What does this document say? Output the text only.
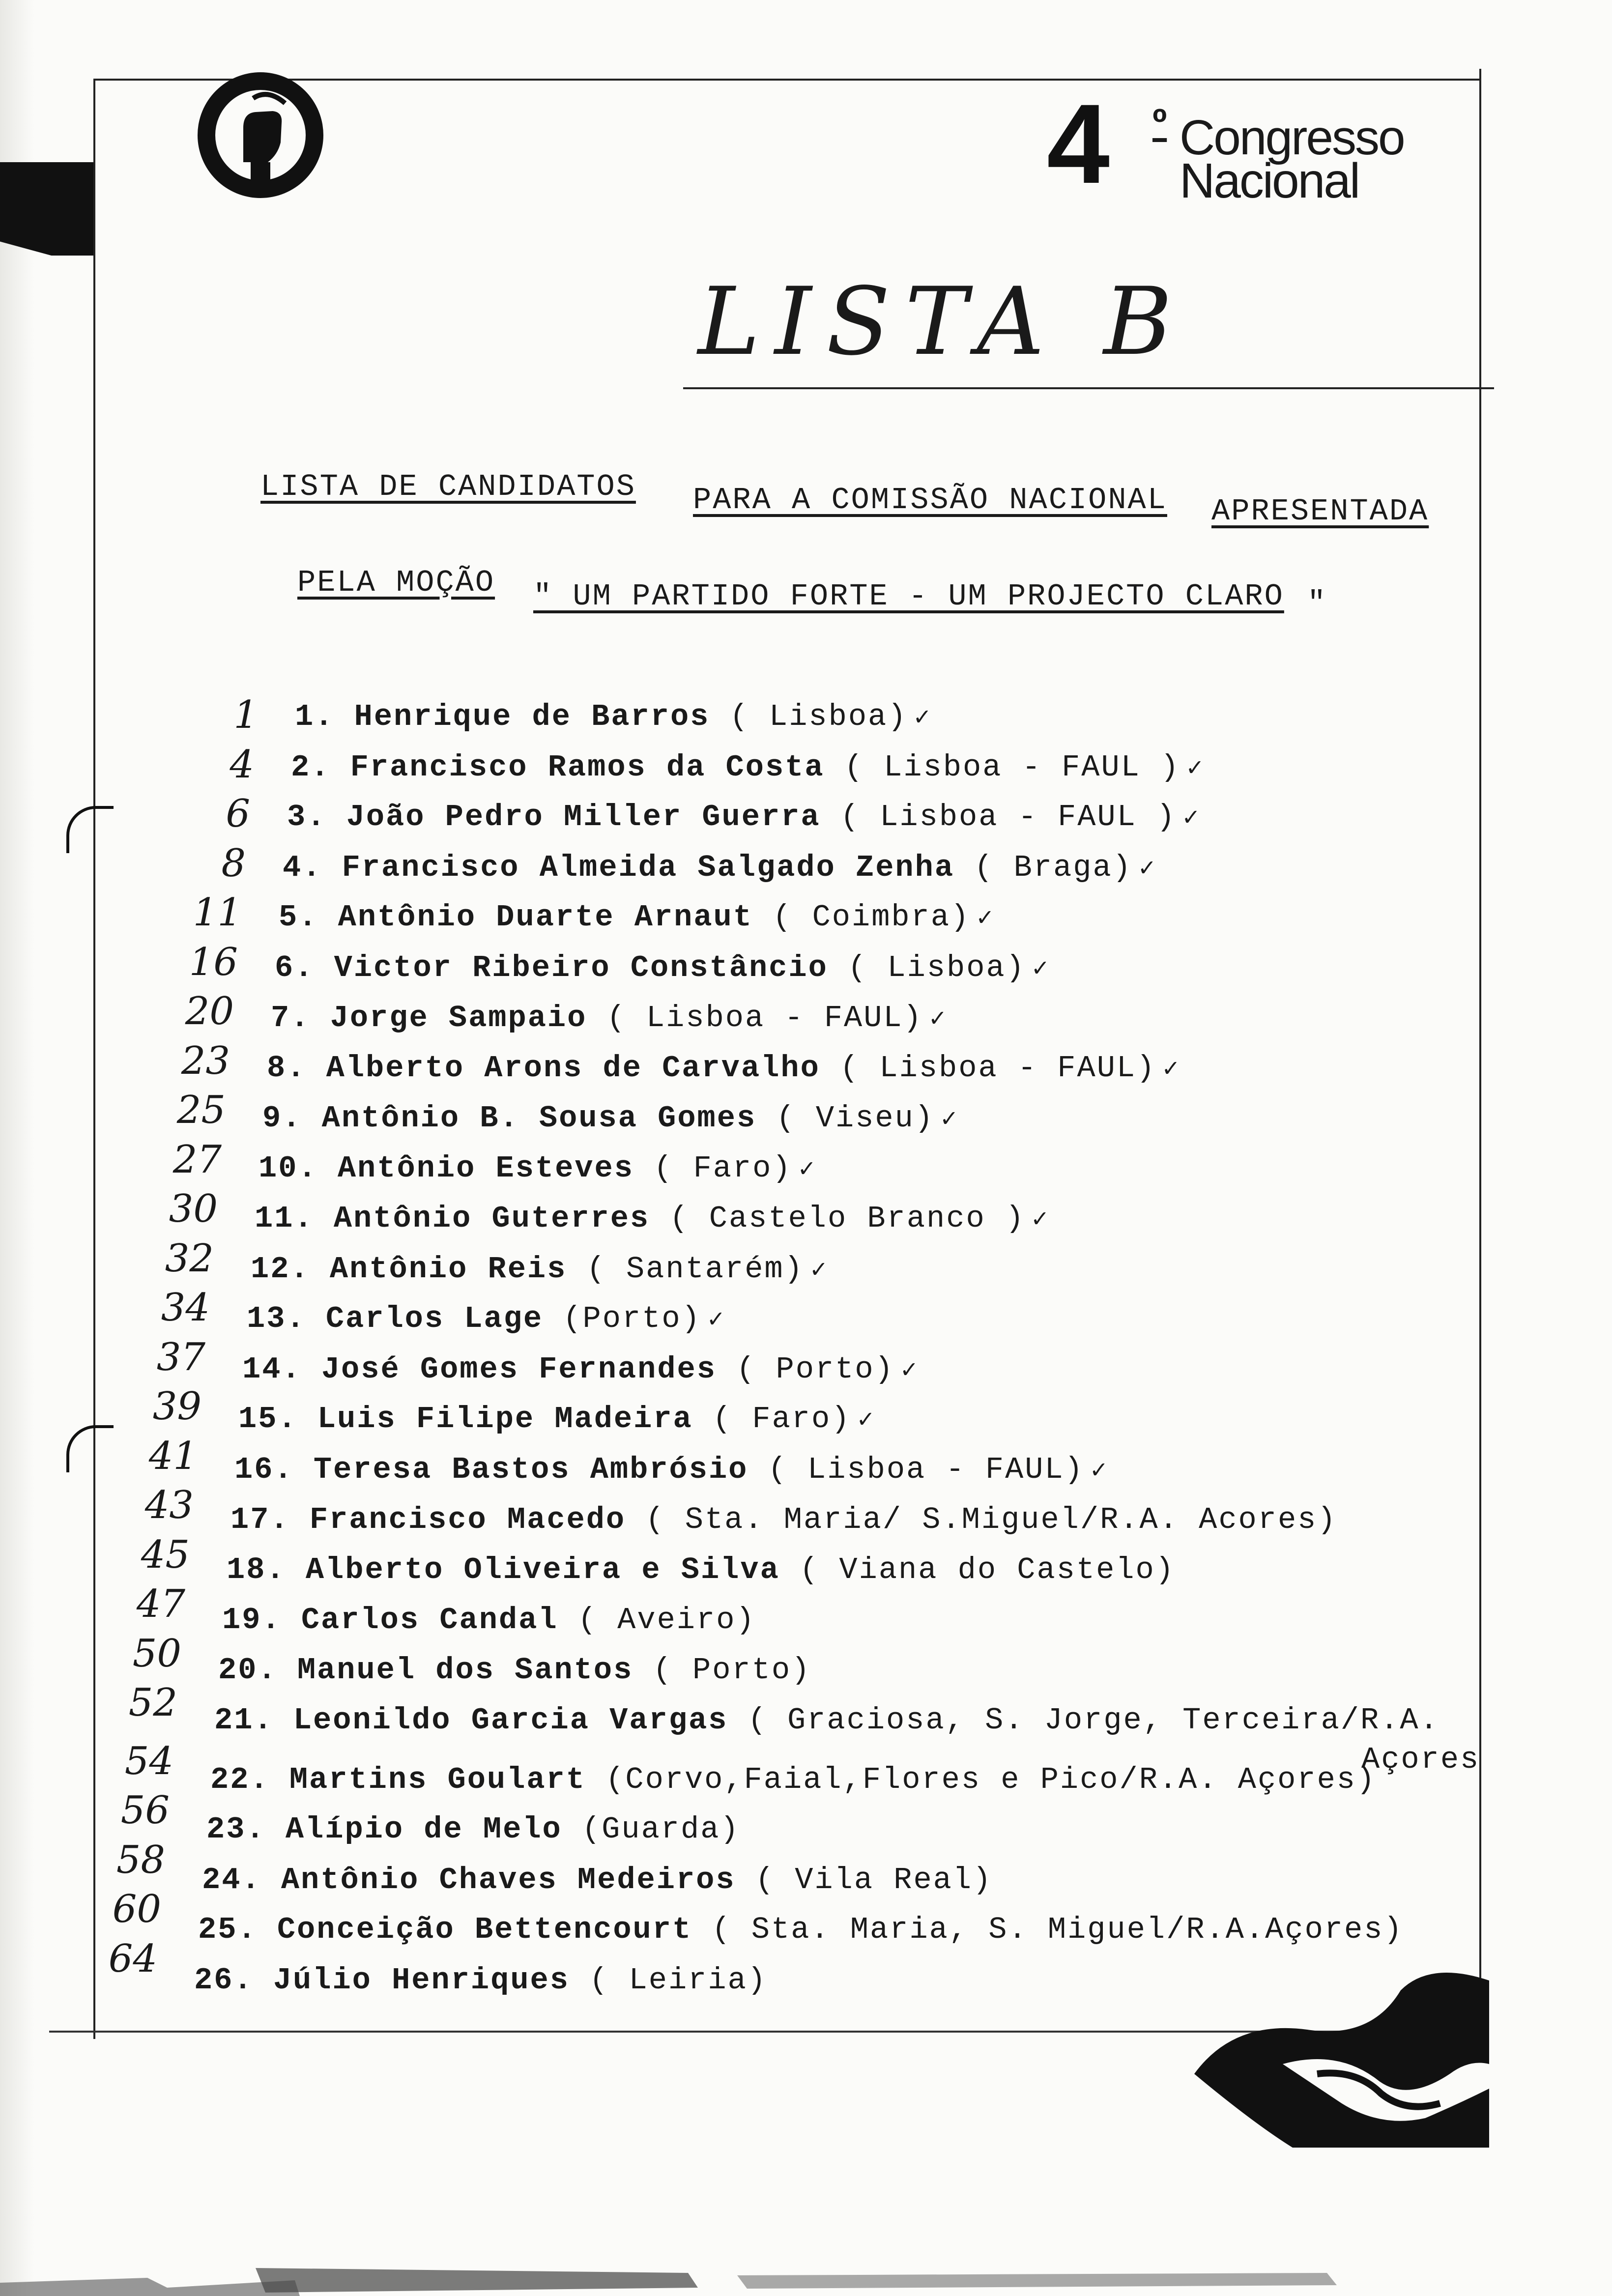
4 º Congresso
Nacional
LISTA B
LISTA DE CANDIDATOS PARA A COMISSÃO NACIONAL APRESENTADA
PELA MOÇÃO " UM PARTIDO FORTE - UM PROJECTO CLARO "
1 1. Henrique de Barros ( Lisboa) ✓
4 2. Francisco Ramos da Costa ( Lisboa - FAUL ) ✓
6 3. João Pedro Miller Guerra ( Lisboa - FAUL ) ✓
8 4. Francisco Almeida Salgado Zenha ( Braga) ✓
11 5. Antônio Duarte Arnaut ( Coimbra) ✓
16 6. Victor Ribeiro Constâncio ( Lisboa) ✓
20 7. Jorge Sampaio ( Lisboa - FAUL) ✓
23 8. Alberto Arons de Carvalho ( Lisboa - FAUL) ✓
25 9. Antônio B. Sousa Gomes ( Viseu) ✓
27 10. Antônio Esteves ( Faro) ✓
30 11. Antônio Guterres ( Castelo Branco ) ✓
32 12. Antônio Reis ( Santarém) ✓
34 13. Carlos Lage (Porto) ✓
37 14. José Gomes Fernandes ( Porto) ✓
39 15. Luis Filipe Madeira ( Faro) ✓
41 16. Teresa Bastos Ambrósio ( Lisboa - FAUL) ✓
43 17. Francisco Macedo ( Sta. Maria/ S.Miguel/R.A. Acores)
45 18. Alberto Oliveira e Silva ( Viana do Castelo)
47 19. Carlos Candal ( Aveiro)
50 20. Manuel dos Santos ( Porto)
52 21. Leonildo Garcia Vargas ( Graciosa, S. Jorge, Terceira/R.A.
54 22. Martins Goulart (Corvo,Faial,Flores e Pico/R.A. Açores)
56 23. Alípio de Melo (Guarda)
58 24. Antônio Chaves Medeiros ( Vila Real)
60 25. Conceição Bettencourt ( Sta. Maria, S. Miguel/R.A.Açores)
64 26. Júlio Henriques ( Leiria)
Açores
